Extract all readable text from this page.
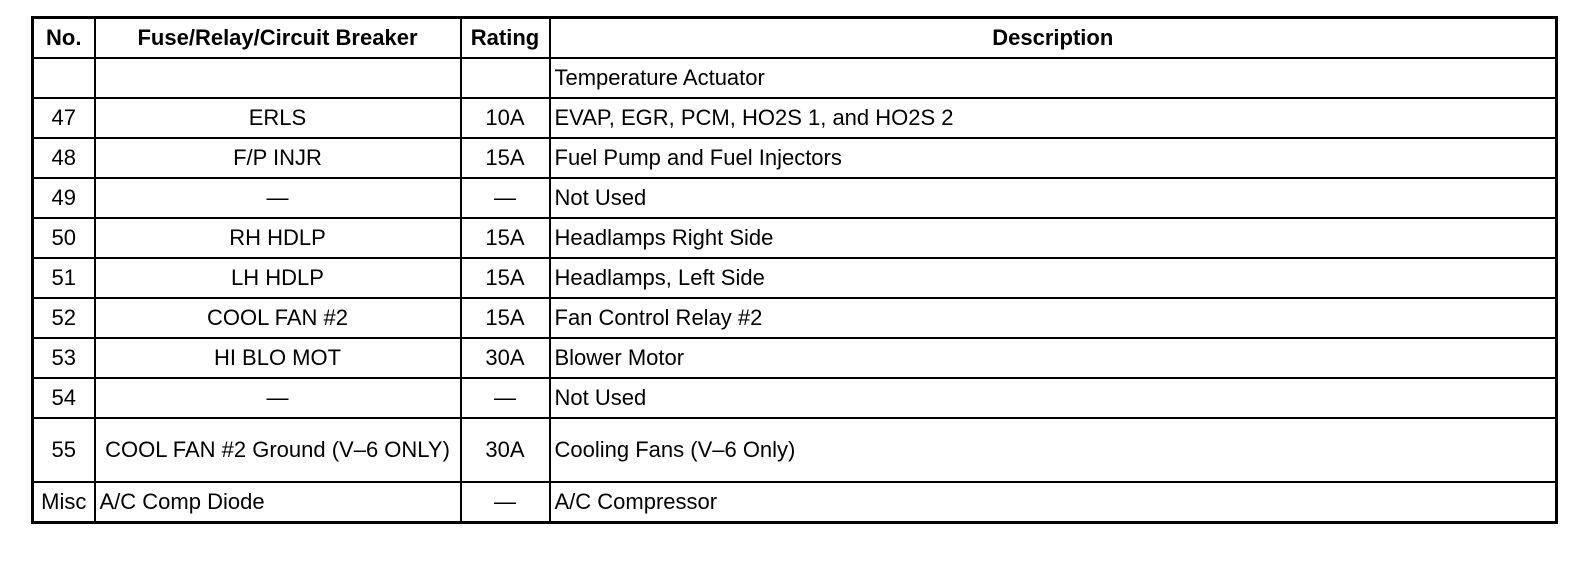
No.	Fuse/Relay/Circuit Breaker	Rating	Description
			Temperature Actuator
47	ERLS	10A	EVAP, EGR, PCM, HO2S 1, and HO2S 2
48	F/P INJR	15A	Fuel Pump and Fuel Injectors
49	—	—	Not Used
50	RH HDLP	15A	Headlamps Right Side
51	LH HDLP	15A	Headlamps, Left Side
52	COOL FAN #2	15A	Fan Control Relay #2
53	HI BLO MOT	30A	Blower Motor
54	—	—	Not Used
55	COOL FAN #2 Ground (V–6 ONLY)	30A	Cooling Fans (V–6 Only)
Misc	A/C Comp Diode	—	A/C Compressor
